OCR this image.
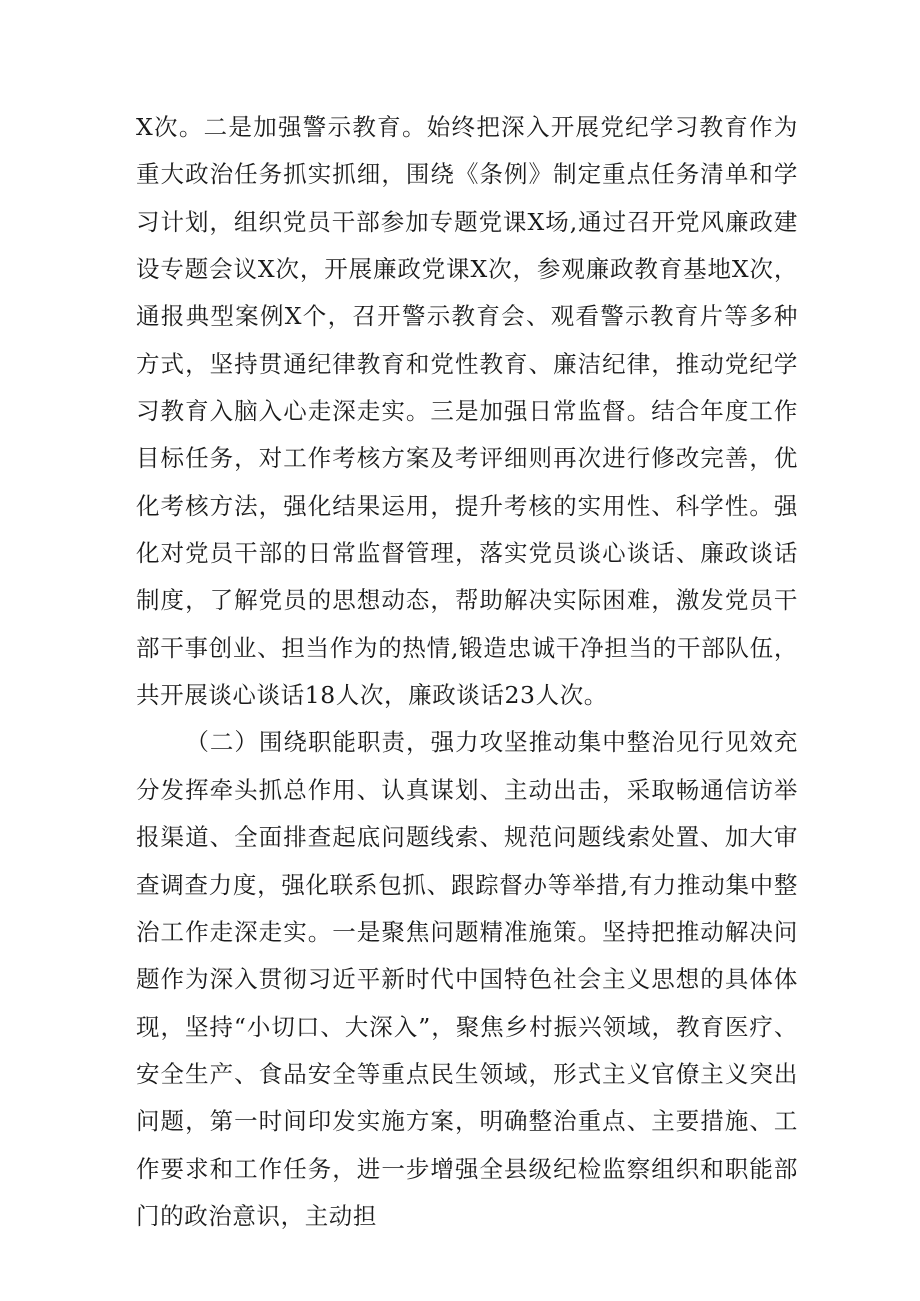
X次。二是加强警示教育。始终把深入开展党纪学习教育作为重大政治任务抓实抓细，围绕《条例》制定重点任务清单和学习计划，组织党员干部参加专题党课X场,通过召开党风廉政建设专题会议X次，开展廉政党课X次，参观廉政教育基地X次，通报典型案例X个，召开警示教育会、观看警示教育片等多种方式，坚持贯通纪律教育和党性教育、廉洁纪律，推动党纪学习教育入脑入心走深走实。三是加强日常监督。结合年度工作目标任务，对工作考核方案及考评细则再次进行修改完善，优化考核方法，强化结果运用，提升考核的实用性、科学性。强化对党员干部的日常监督管理，落实党员谈心谈话、廉政谈话制度，了解党员的思想动态，帮助解决实际困难，激发党员干部干事创业、担当作为的热情,锻造忠诚干净担当的干部队伍，共开展谈心谈话18人次，廉政谈话23人次。

（二）围绕职能职责，强力攻坚推动集中整治见行见效充分发挥牵头抓总作用、认真谋划、主动出击，采取畅通信访举报渠道、全面排查起底问题线索、规范问题线索处置、加大审查调查力度，强化联系包抓、跟踪督办等举措,有力推动集中整治工作走深走实。一是聚焦问题精准施策。坚持把推动解决问题作为深入贯彻习近平新时代中国特色社会主义思想的具体体现，坚持“小切口、大深入”，聚焦乡村振兴领域，教育医疗、安全生产、食品安全等重点民生领域，形式主义官僚主义突出问题，第一时间印发实施方案，明确整治重点、主要措施、工作要求和工作任务，进一步增强全县级纪检监察组织和职能部门的政治意识，主动担
